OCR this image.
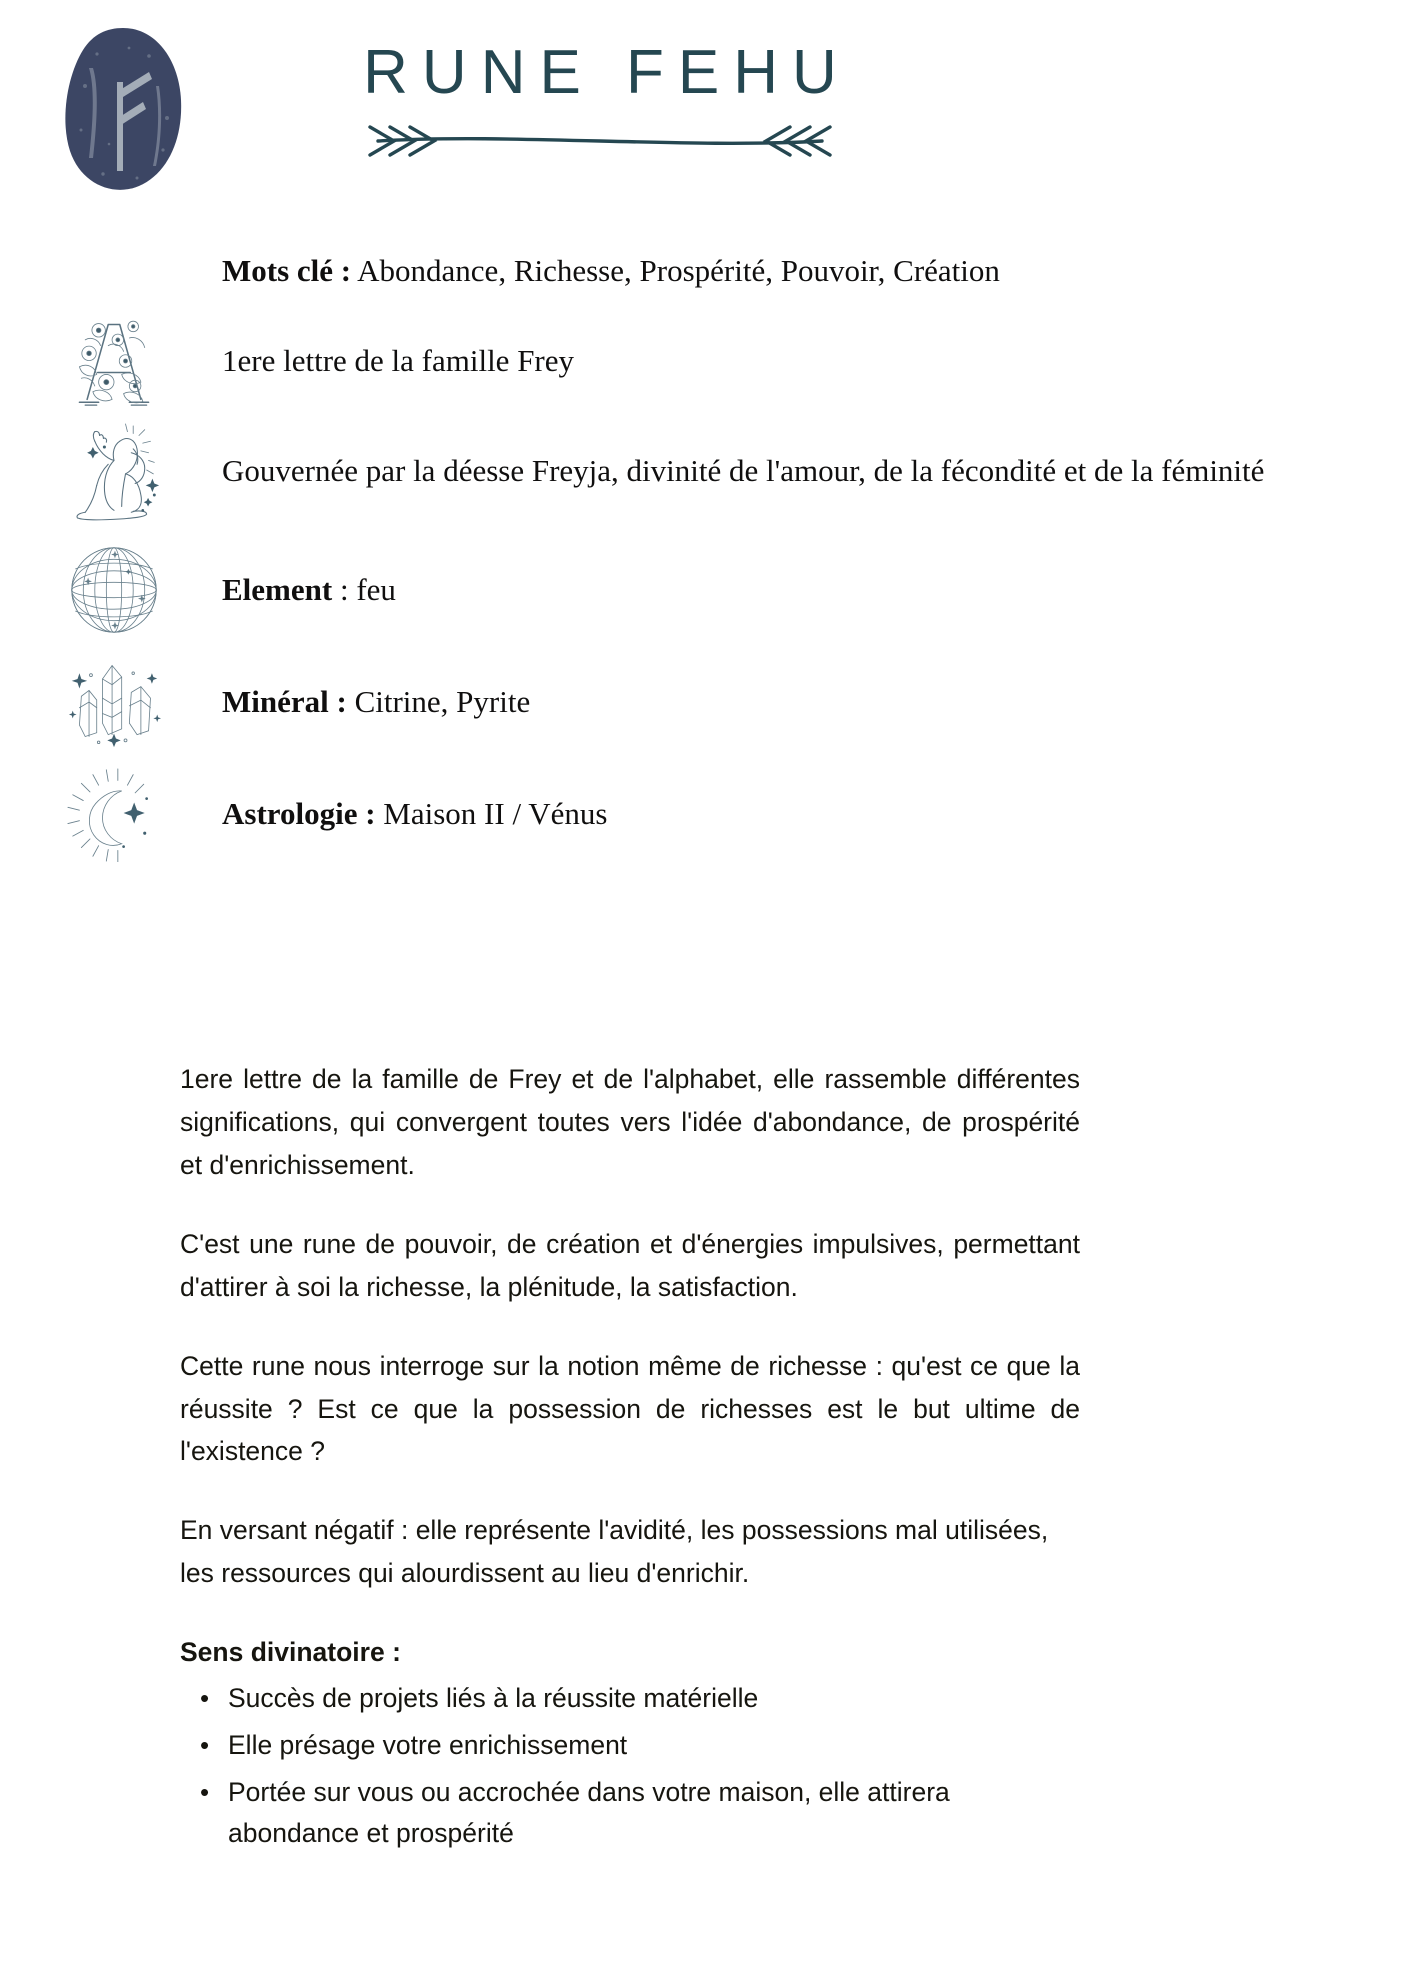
RUNE FEHU
Mots clé : Abondance, Richesse, Prospérité, Pouvoir, Création
1ere lettre de la famille Frey
Gouvernée par la déesse Freyja, divinité de l'amour, de la fécondité et de la féminité
Element : feu
Minéral : Citrine, Pyrite
Astrologie : Maison II / Vénus

1ere lettre de la famille de Frey et de l'alphabet, elle rassemble différentes significations, qui convergent toutes vers l'idée d'abondance, de prospérité et d'enrichissement.

C'est une rune de pouvoir, de création et d'énergies impulsives, permettant d'attirer à soi la richesse, la plénitude, la satisfaction.

Cette rune nous interroge sur la notion même de richesse : qu'est ce que la réussite ? Est ce que la possession de richesses est le but ultime de l'existence ?

En versant négatif : elle représente l'avidité, les possessions mal utilisées, les ressources qui alourdissent au lieu d'enrichir.

Sens divinatoire :
• Succès de projets liés à la réussite matérielle
• Elle présage votre enrichissement
• Portée sur vous ou accrochée dans votre maison, elle attirera abondance et prospérité
